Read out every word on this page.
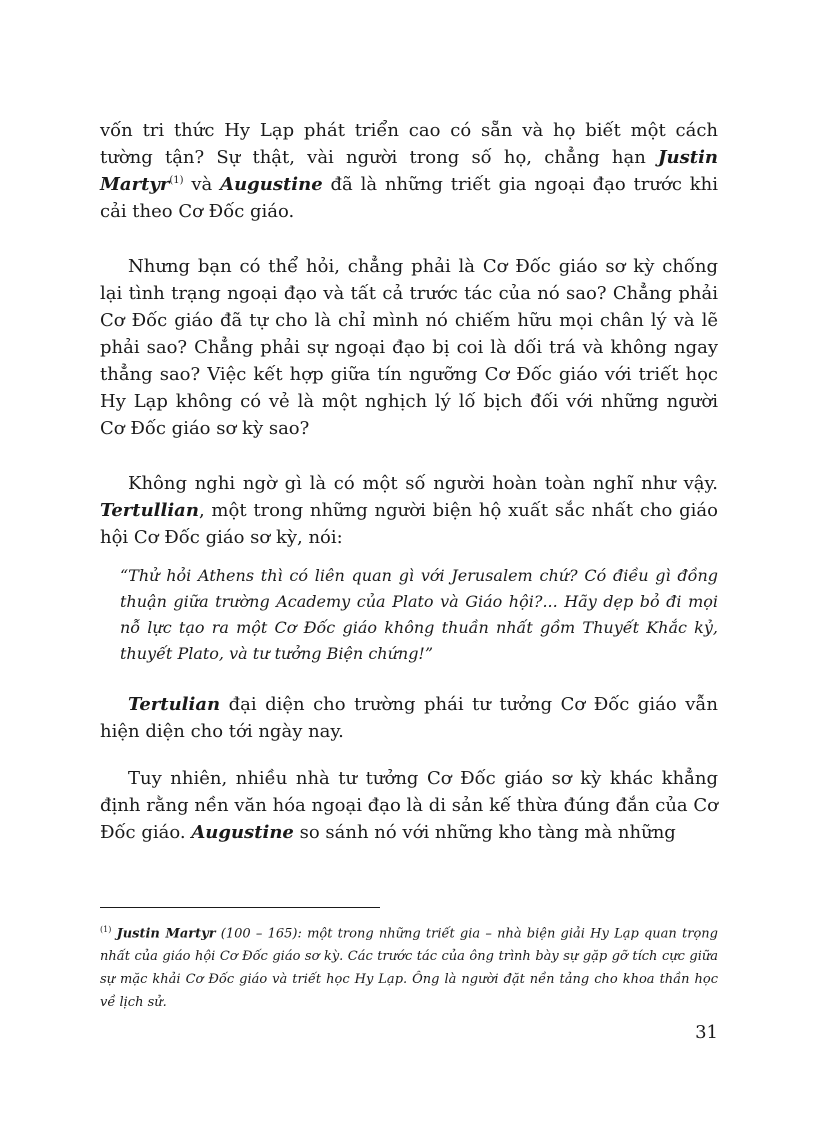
vốn tri thức Hy Lạp phát triển cao có sẵn và họ biết một cách tường tận? Sự thật, vài người trong số họ, chẳng hạn Justin Martyr$^{(1)}$ và Augustine đã là những triết gia ngoại đạo trước khi cải theo Cơ Đốc giáo.

Nhưng bạn có thể hỏi, chẳng phải là Cơ Đốc giáo sơ kỳ chống lại tình trạng ngoại đạo và tất cả trước tác của nó sao? Chẳng phải Cơ Đốc giáo đã tự cho là chỉ mình nó chiếm hữu mọi chân lý và lẽ phải sao? Chẳng phải sự ngoại đạo bị coi là dối trá và không ngay thẳng sao? Việc kết hợp giữa tín ngưỡng Cơ Đốc giáo với triết học Hy Lạp không có vẻ là một nghịch lý lố bịch đối với những người Cơ Đốc giáo sơ kỳ sao?

Không nghi ngờ gì là có một số người hoàn toàn nghĩ như vậy. Tertullian, một trong những người biện hộ xuất sắc nhất cho giáo hội Cơ Đốc giáo sơ kỳ, nói:

“Thử hỏi Athens thì có liên quan gì với Jerusalem chứ? Có điều gì đồng thuận giữa trường Academy của Plato và Giáo hội?... Hãy dẹp bỏ đi mọi nỗ lực tạo ra một Cơ Đốc giáo không thuần nhất gồm Thuyết Khắc kỷ, thuyết Plato, và tư tưởng Biện chứng!”

Tertulian đại diện cho trường phái tư tưởng Cơ Đốc giáo vẫn hiện diện cho tới ngày nay.

Tuy nhiên, nhiều nhà tư tưởng Cơ Đốc giáo sơ kỳ khác khẳng định rằng nền văn hóa ngoại đạo là di sản kế thừa đúng đắn của Cơ Đốc giáo. Augustine so sánh nó với những kho tàng mà những

$^{(1)}$ Justin Martyr (100 – 165): một trong những triết gia – nhà biện giải Hy Lạp quan trọng nhất của giáo hội Cơ Đốc giáo sơ kỳ. Các trước tác của ông trình bày sự gặp gỡ tích cực giữa sự mặc khải Cơ Đốc giáo và triết học Hy Lạp. Ông là người đặt nền tảng cho khoa thần học về lịch sử.

31
